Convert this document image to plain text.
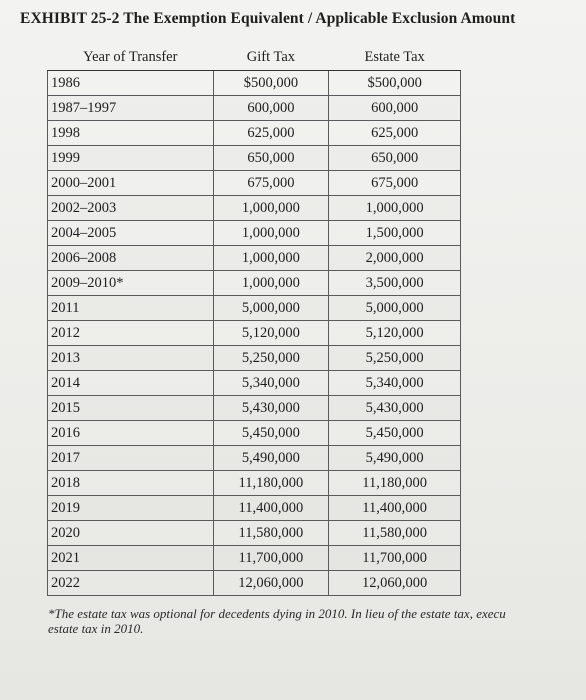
EXHIBIT 25-2 The Exemption Equivalent / Applicable Exclusion Amount
Year of Transfer	Gift Tax	Estate Tax
1986	$500,000	$500,000
1987–1997	600,000	600,000
1998	625,000	625,000
1999	650,000	650,000
2000–2001	675,000	675,000
2002–2003	1,000,000	1,000,000
2004–2005	1,000,000	1,500,000
2006–2008	1,000,000	2,000,000
2009–2010*	1,000,000	3,500,000
2011	5,000,000	5,000,000
2012	5,120,000	5,120,000
2013	5,250,000	5,250,000
2014	5,340,000	5,340,000
2015	5,430,000	5,430,000
2016	5,450,000	5,450,000
2017	5,490,000	5,490,000
2018	11,180,000	11,180,000
2019	11,400,000	11,400,000
2020	11,580,000	11,580,000
2021	11,700,000	11,700,000
2022	12,060,000	12,060,000
*The estate tax was optional for decedents dying in 2010. In lieu of the estate tax, execu
estate tax in 2010.
